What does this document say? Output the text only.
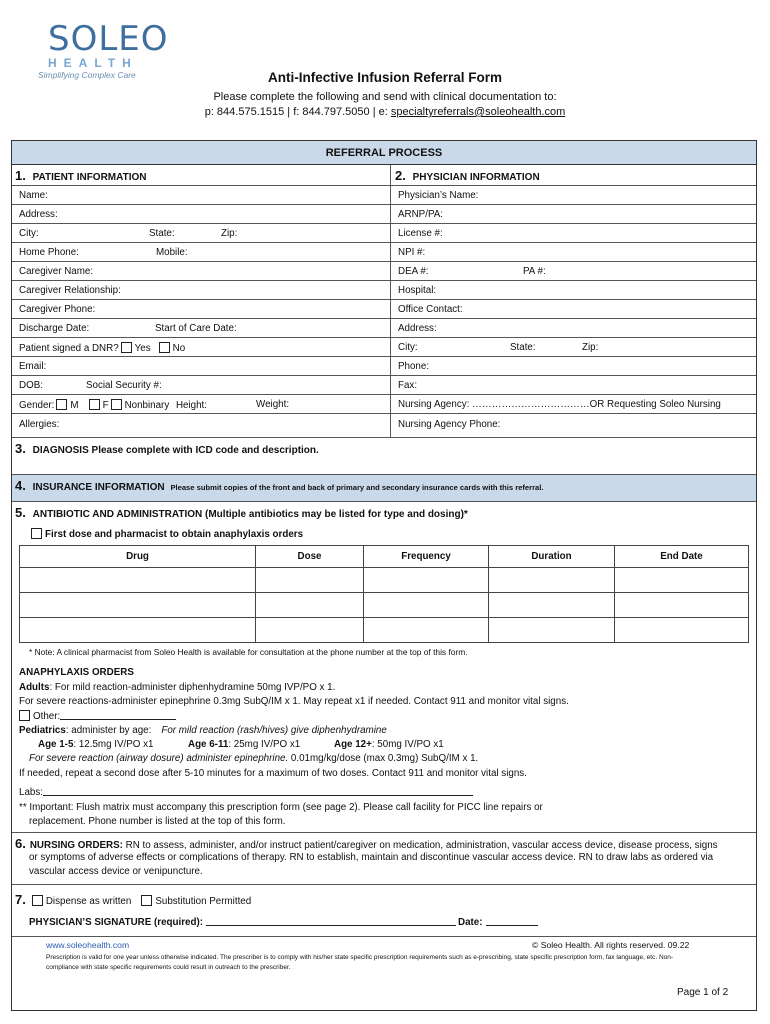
SOLEO
HEALTH
Simplifying Complex Care	Anti-Infective Infusion Referral Form
Please complete the following and send with clinical documentation to:
p: 844.575.1515 | f: 844.797.5050 | e: specialtyreferrals@soleohealth.com
REFERRAL PROCESS
1. PATIENT INFORMATION	2. PHYSICIAN INFORMATION
Name:
Address:
City:	State:	Zip:
Home Phone:	Mobile:
Caregiver Name:
Caregiver Relationship:
Caregiver Phone:
Discharge Date:	Start of Care Date:
Patient signed a DNR? Yes No
Email:
DOB:	Social Security #:
Gender: M F Nonbinary Height:	Weight:
Allergies:
Physician’s Name:
ARNP/PA:
License #:
NPI #:
DEA #:	PA #:
Hospital:
Office Contact:
Address:
City:	State:	Zip:
Phone:
Fax:
Nursing Agency: ………………………………OR Requesting Soleo Nursing
Nursing Agency Phone:
3. DIAGNOSIS Please complete with ICD code and description.
4. INSURANCE INFORMATION Please submit copies of the front and back of primary and secondary insurance cards with this referral.
5. ANTIBIOTIC AND ADMINISTRATION (Multiple antibiotics may be listed for type and dosing)*
First dose and pharmacist to obtain anaphylaxis orders
Drug	Dose	Frequency	Duration	End Date

* Note: A clinical pharmacist from Soleo Health is available for consultation at the phone number at the top of this form.
ANAPHYLAXIS ORDERS
Adults: For mild reaction-administer diphenhydramine 50mg IVP/PO x 1.
For severe reactions-administer epinephrine 0.3mg SubQ/IM x 1. May repeat x1 if needed. Contact 911 and monitor vital signs.
Other:
Pediatrics: administer by age: For mild reaction (rash/hives) give diphenhydramine
Age 1-5: 12.5mg IV/PO x1	Age 6-11: 25mg IV/PO x1	Age 12+: 50mg IV/PO x1
For severe reaction (airway dosure) administer epinephrine. 0.01mg/kg/dose (max 0.3mg) SubQ/IM x 1.
If needed, repeat a second dose after 5-10 minutes for a maximum of two doses. Contact 911 and monitor vital signs.
Labs:
** Important: Flush matrix must accompany this prescription form (see page 2). Please call facility for PICC line repairs or
replacement. Phone number is listed at the top of this form.
6. NURSING ORDERS: RN to assess, administer, and/or instruct patient/caregiver on medication, administration, vascular access device, disease process, signs
or symptoms of adverse effects or complications of therapy. RN to establish, maintain and discontinue vascular access device. RN to draw labs as ordered via
vascular access device or venipuncture.
7. Dispense as written Substitution Permitted
PHYSICIAN’S SIGNATURE (required):	Date:
www.soleohealth.com	© Soleo Health. All rights reserved. 09.22
Prescription is valid for one year unless otherwise indicated. The prescriber is to comply with his/her state specific prescription requirements such as e-prescribing, state specific prescription form, fax language, etc. Non-
compliance with state specific requirements could result in outreach to the prescriber.
Page 1 of 2
